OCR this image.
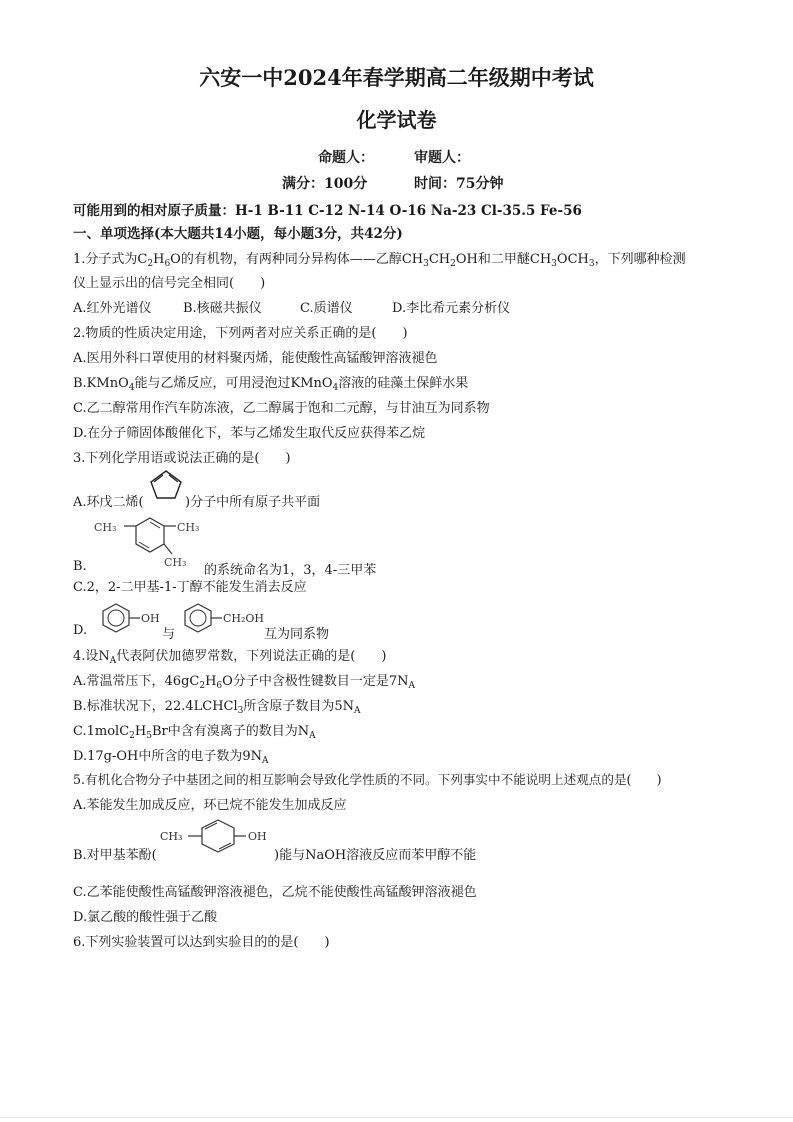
六安一中2024年春学期高二年级期中考试
化学试卷
命题人：	审题人：
满分：100分	时间：75分钟
可能用到的相对原子质量：H-1 B-11 C-12 N-14 O-16 Na-23 Cl-35.5 Fe-56
一、单项选择(本大题共14小题，每小题3分，共42分)
1.分子式为$C_2H_6O$的有机物，有两种同分异构体——乙醇$CH_3CH_2OH$和二甲醚$CH_3OCH_3$，下列哪种检测
仪上显示出的信号完全相同(　　)
A.红外光谱仪 B.核磁共振仪	C.质谱仪	D.李比希元素分析仪
2.物质的性质决定用途，下列两者对应关系正确的是(　　)
A.医用外科口罩使用的材料聚丙烯，能使酸性高锰酸钾溶液褪色
B.KMnO$_4$能与乙烯反应，可用浸泡过KMnO$_4$溶液的硅藻土保鲜水果
C.乙二醇常用作汽车防冻液，乙二醇属于饱和二元醇，与甘油互为同系物
D.在分子筛固体酸催化下，苯与乙烯发生取代反应获得苯乙烷
3.下列化学用语或说法正确的是(　　)
A.环戊二烯(	)分子中所有原子共平面
CH₃	CH₃
CH₃
B.	的系统命名为1，3，4-三甲苯
C.2，2-二甲基-1-丁醇不能发生消去反应
D.
OH
与
CH₂OH
互为同系物
4.设$N_A$代表阿伏加德罗常数，下列说法正确的是(　　)
A.常温常压下，$46gC_2H_6O$分子中含极性键数目一定是$7N_A$
B.标准状况下，22.4LCHCl$_3$所含原子数目为$5N_A$
$C.1molC_2H_5Br$中含有溴离子的数目为$N_A$
D.17g-OH中所含的电子数为$9N_A$
5.有机化合物分子中基团之间的相互影响会导致化学性质的不同。下列事实中不能说明上述观点的是(　　)
A.苯能发生加成反应，环已烷不能发生加成反应
B.对甲基苯酚(
CH₃	OH
)能与NaOH溶液反应而苯甲醇不能
C.乙苯能使酸性高锰酸钾溶液褪色，乙烷不能使酸性高锰酸钾溶液褪色
D.氯乙酸的酸性强于乙酸
6.下列实验装置可以达到实验目的的是(　　)
